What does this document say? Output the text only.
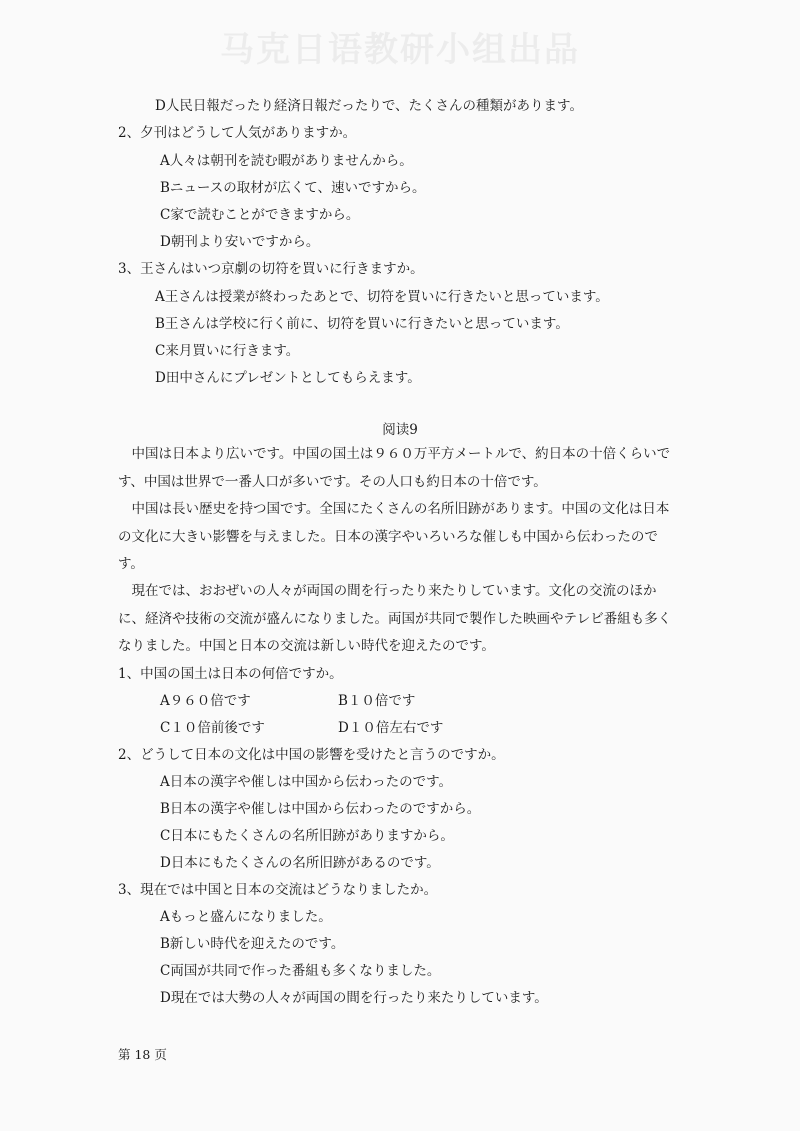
马克日语教研小组出品
D人民日報だったり経済日報だったりで、たくさんの種類があります。
2、夕刊はどうして人気がありますか。
A人々は朝刊を読む暇がありませんから。
Bニュースの取材が広くて、速いですから。
C家で読むことができますから。
D朝刊より安いですから。
3、王さんはいつ京劇の切符を買いに行きますか。
A王さんは授業が終わったあとで、切符を買いに行きたいと思っています。
B王さんは学校に行く前に、切符を買いに行きたいと思っています。
C来月買いに行きます。
D田中さんにプレゼントとしてもらえます。
阅读9
　中国は日本より広いです。中国の国土は９６０万平方メートルで、約日本の十倍くらいです、中国は世界で一番人口が多いです。その人口も約日本の十倍です。
　中国は長い歴史を持つ国です。全国にたくさんの名所旧跡があります。中国の文化は日本の文化に大きい影響を与えました。日本の漢字やいろいろな催しも中国から伝わったのです。
　現在では、おおぜいの人々が両国の間を行ったり来たりしています。文化の交流のほかに、経済や技術の交流が盛んになりました。両国が共同で製作した映画やテレビ番組も多くなりました。中国と日本の交流は新しい時代を迎えたのです。
1、中国の国土は日本の何倍ですか。
A９６０倍です	B１０倍です
C１０倍前後です	D１０倍左右です
2、どうして日本の文化は中国の影響を受けたと言うのですか。
A日本の漢字や催しは中国から伝わったのです。
B日本の漢字や催しは中国から伝わったのですから。
C日本にもたくさんの名所旧跡がありますから。
D日本にもたくさんの名所旧跡があるのです。
3、現在では中国と日本の交流はどうなりましたか。
Aもっと盛んになりました。
B新しい時代を迎えたのです。
C両国が共同で作った番組も多くなりました。
D現在では大勢の人々が両国の間を行ったり来たりしています。
第 18 页
